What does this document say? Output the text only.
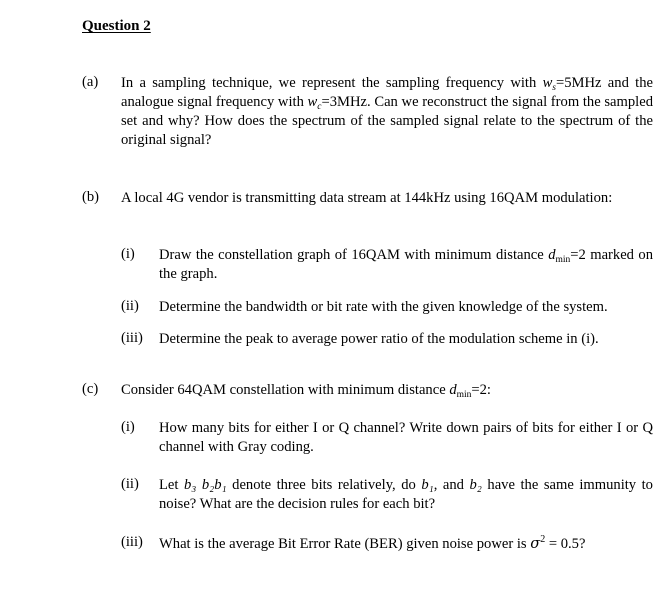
Question 2
(a) In a sampling technique, we represent the sampling frequency with $w_s=5MHz$ and the analogue signal frequency with $w_c=3MHz$. Can we reconstruct the signal from the sampled set and why? How does the spectrum of the sampled signal relate to the spectrum of the original signal?

(b) A local 4G vendor is transmitting data stream at 144kHz using 16QAM modulation:

(i) Draw the constellation graph of 16QAM with minimum distance $d_{min}=2$ marked on the graph.

(ii) Determine the bandwidth or bit rate with the given knowledge of the system.

(iii) Determine the peak to average power ratio of the modulation scheme in (i).

(c) Consider 64QAM constellation with minimum distance $d_{min}=2$:

(i) How many bits for either I or Q channel? Write down pairs of bits for either I or Q channel with Gray coding.

(ii) Let b₃ b₂b₁ denote three bits relatively, do b₁, and b₂ have the same immunity to noise? What are the decision rules for each bit?

(iii) What is the average Bit Error Rate (BER) given noise power is $\sigma^2 = 0.5$?
